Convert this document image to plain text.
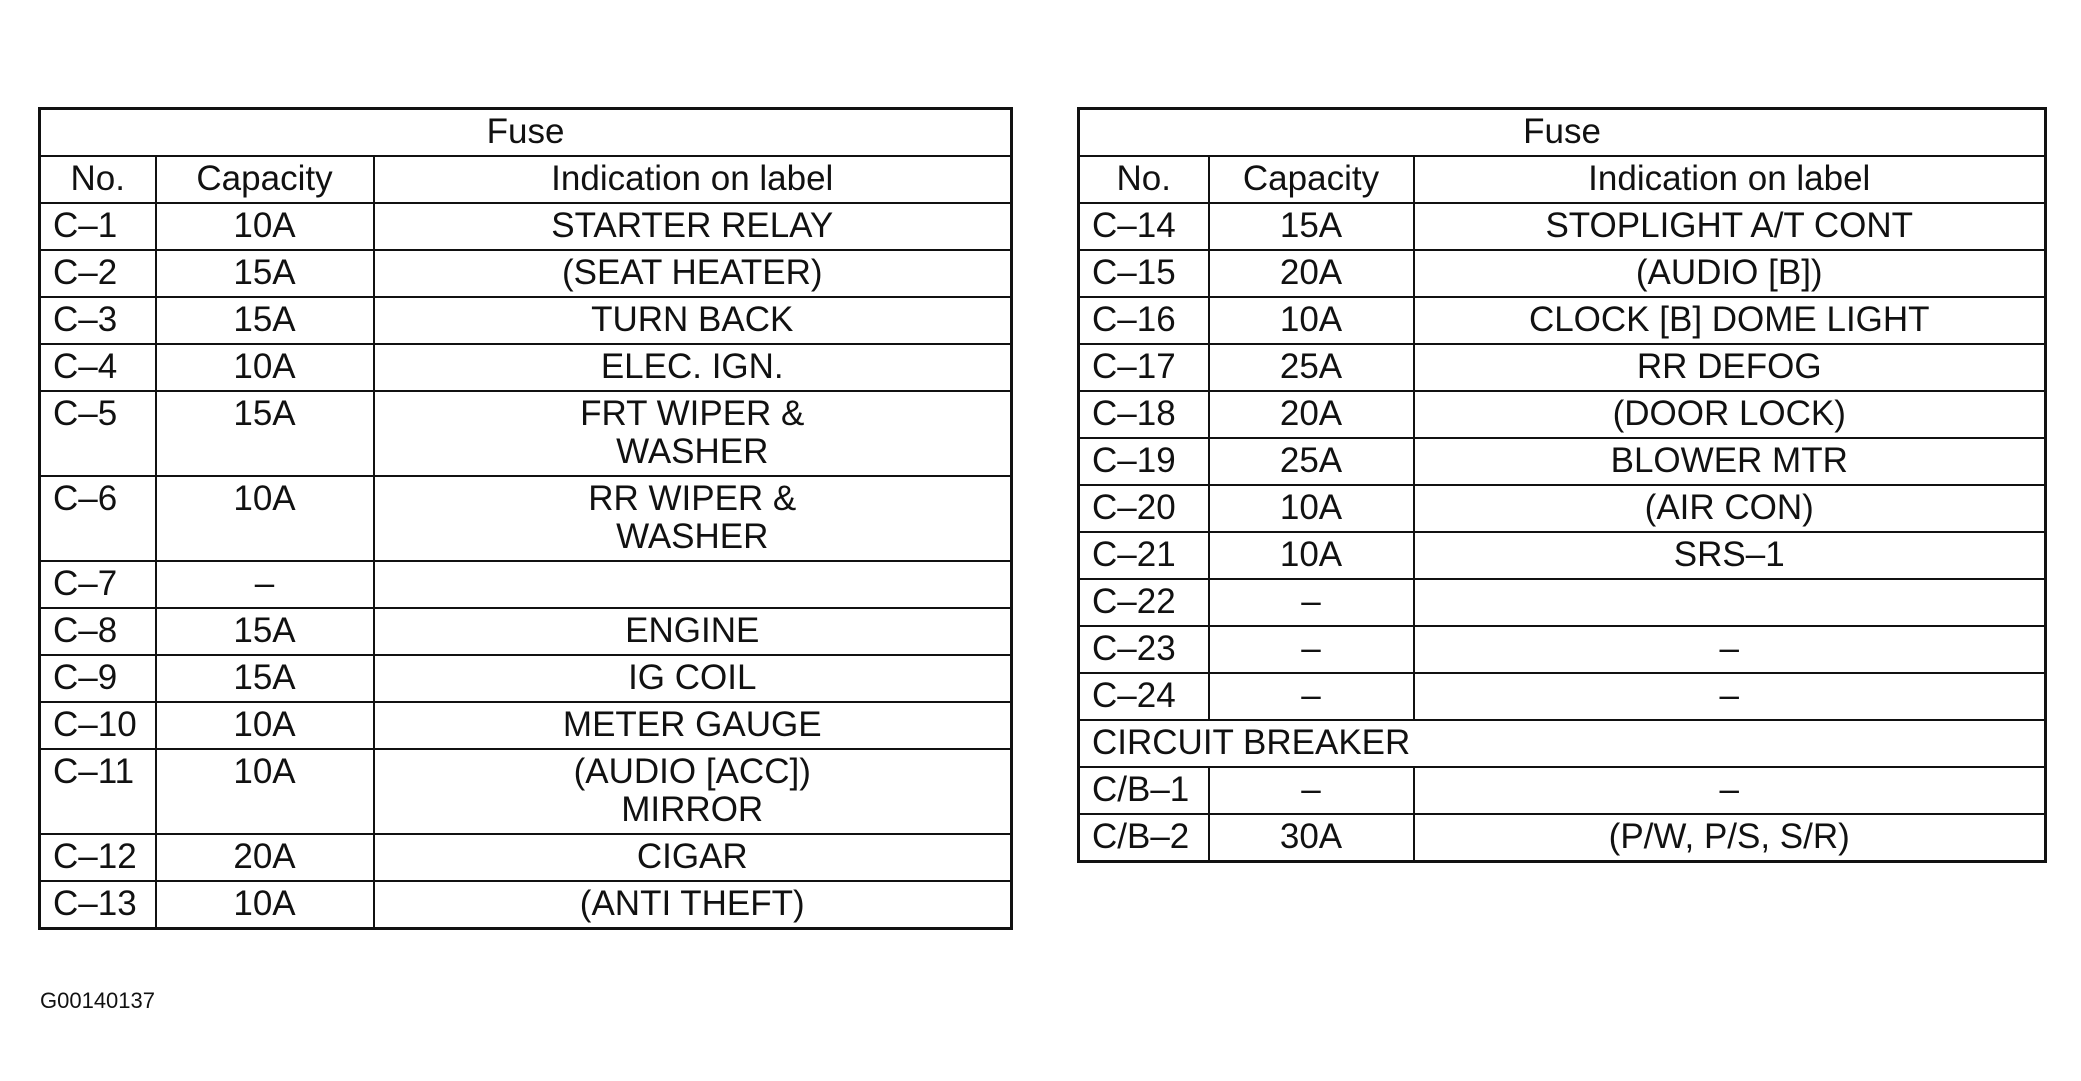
Fuse		
No.	Capacity	Indication on label
C–1	10A	STARTER RELAY
C–2	15A	(SEAT HEATER)
C–3	15A	TURN BACK
C–4	10A	ELEC. IGN.
C–5	15A	FRT WIPER &
WASHER
C–6	10A	RR WIPER &
WASHER
C–7	–	
C–8	15A	ENGINE
C–9	15A	IG COIL
C–10	10A	METER GAUGE
C–11	10A	(AUDIO [ACC])
MIRROR
C–12	20A	CIGAR
C–13	10A	(ANTI THEFT)
Fuse		
No.	Capacity	Indication on label
C–14	15A	STOPLIGHT A/T CONT
C–15	20A	(AUDIO [B])
C–16	10A	CLOCK [B] DOME LIGHT
C–17	25A	RR DEFOG
C–18	20A	(DOOR LOCK)
C–19	25A	BLOWER MTR
C–20	10A	(AIR CON)
C–21	10A	SRS–1
C–22	–	
C–23	–	–
C–24	–	–
CIRCUIT BREAKER		
C/B–1	–	–
C/B–2	30A	(P/W, P/S, S/R)
G00140137
